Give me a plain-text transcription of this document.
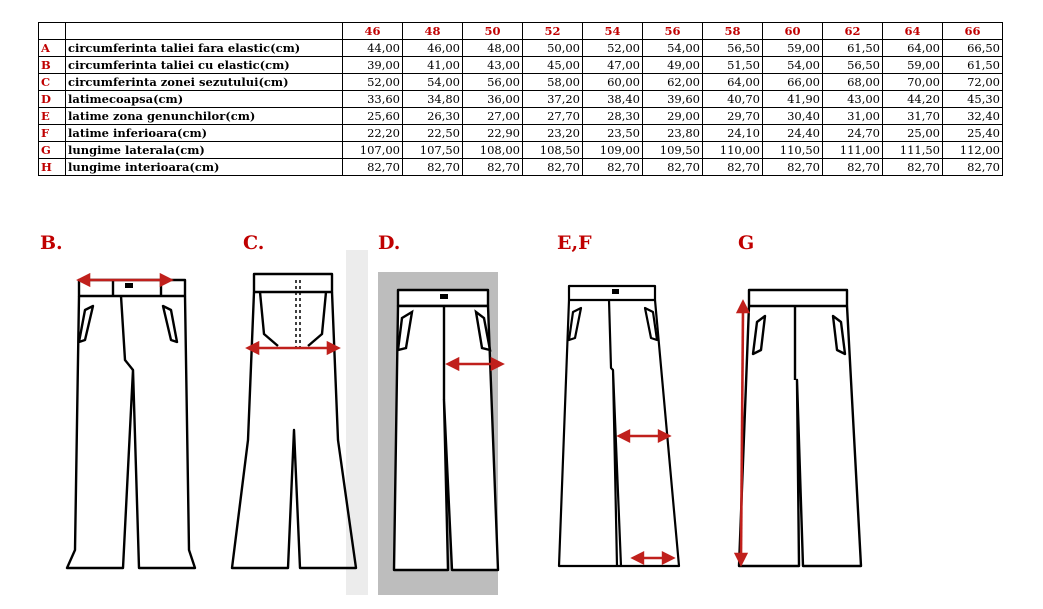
		46	48	50	52	54	56	58	60	62	64	66
A	circumferinta taliei fara elastic(cm)	44,00	46,00	48,00	50,00	52,00	54,00	56,50	59,00	61,50	64,00	66,50
B	circumferinta taliei cu elastic(cm)	39,00	41,00	43,00	45,00	47,00	49,00	51,50	54,00	56,50	59,00	61,50
C	circumferinta zonei sezutului(cm)	52,00	54,00	56,00	58,00	60,00	62,00	64,00	66,00	68,00	70,00	72,00
D	latimecoapsa(cm)	33,60	34,80	36,00	37,20	38,40	39,60	40,70	41,90	43,00	44,20	45,30
E	latime zona genunchilor(cm)	25,60	26,30	27,00	27,70	28,30	29,00	29,70	30,40	31,00	31,70	32,40
F	latime inferioara(cm)	22,20	22,50	22,90	23,20	23,50	23,80	24,10	24,40	24,70	25,00	25,40
G	lungime laterala(cm)	107,00	107,50	108,00	108,50	109,00	109,50	110,00	110,50	111,00	111,50	112,00
H	lungime interioara(cm)	82,70	82,70	82,70	82,70	82,70	82,70	82,70	82,70	82,70	82,70	82,70
B.	C.	D.	E,F	G
